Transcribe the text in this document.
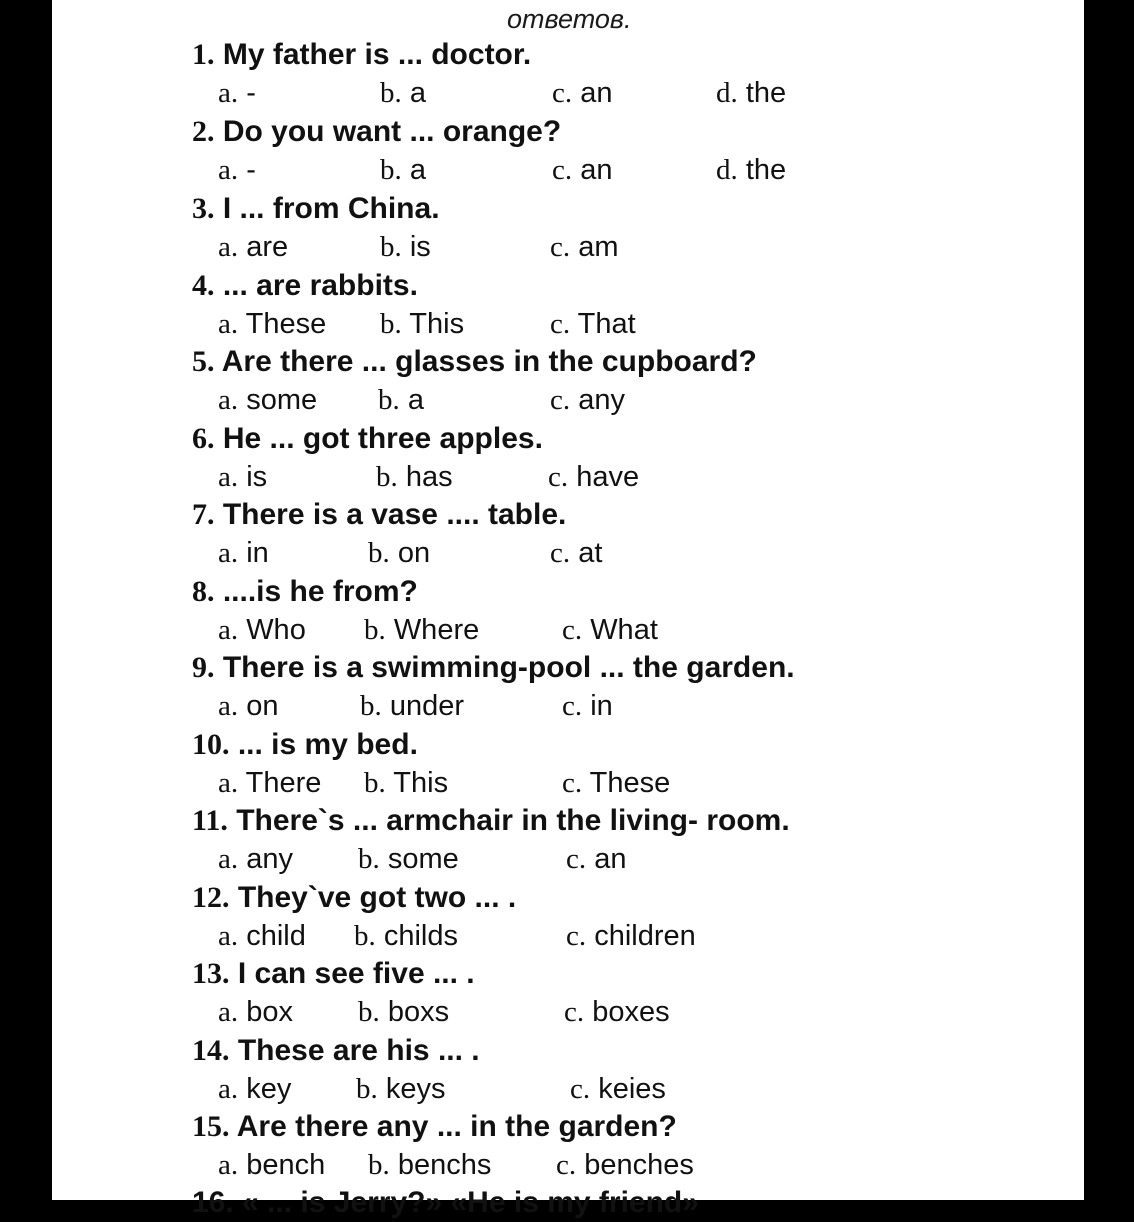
ответов.
1. My father is ... doctor.
a. -	b. a	c. an	d. the
2. Do you want ... orange?
a. -	b. a	c. an	d. the
3. I ... from China.
a. are	b. is	c. am
4. ... are rabbits.
a. These b. This	c. That
5. Are there ... glasses in the cupboard?
a. some b. a	c. any
6. He ... got three apples.
a. is	b. has	c. have
7. There is a vase .... table.
a. in	b. on	c. at
8. ....is he from?
a. Who b. Where	c. What
9. There is a swimming-pool ... the garden.
a. on	b. under	c. in
10. ... is my bed.
a. There b. This	c. These
11. There`s ... armchair in the living- room.
a. any b. some	c. an
12. They`ve got two ... .
a. child b. childs	c. children
13. I can see five ... .
a. box b. boxs	c. boxes
14. These are his ... .
a. key b. keys	c. keies
15. Are there any ... in the garden?
a. bench b. benchs c. benches
16. « ... is Jerry?» «He is my friend»
